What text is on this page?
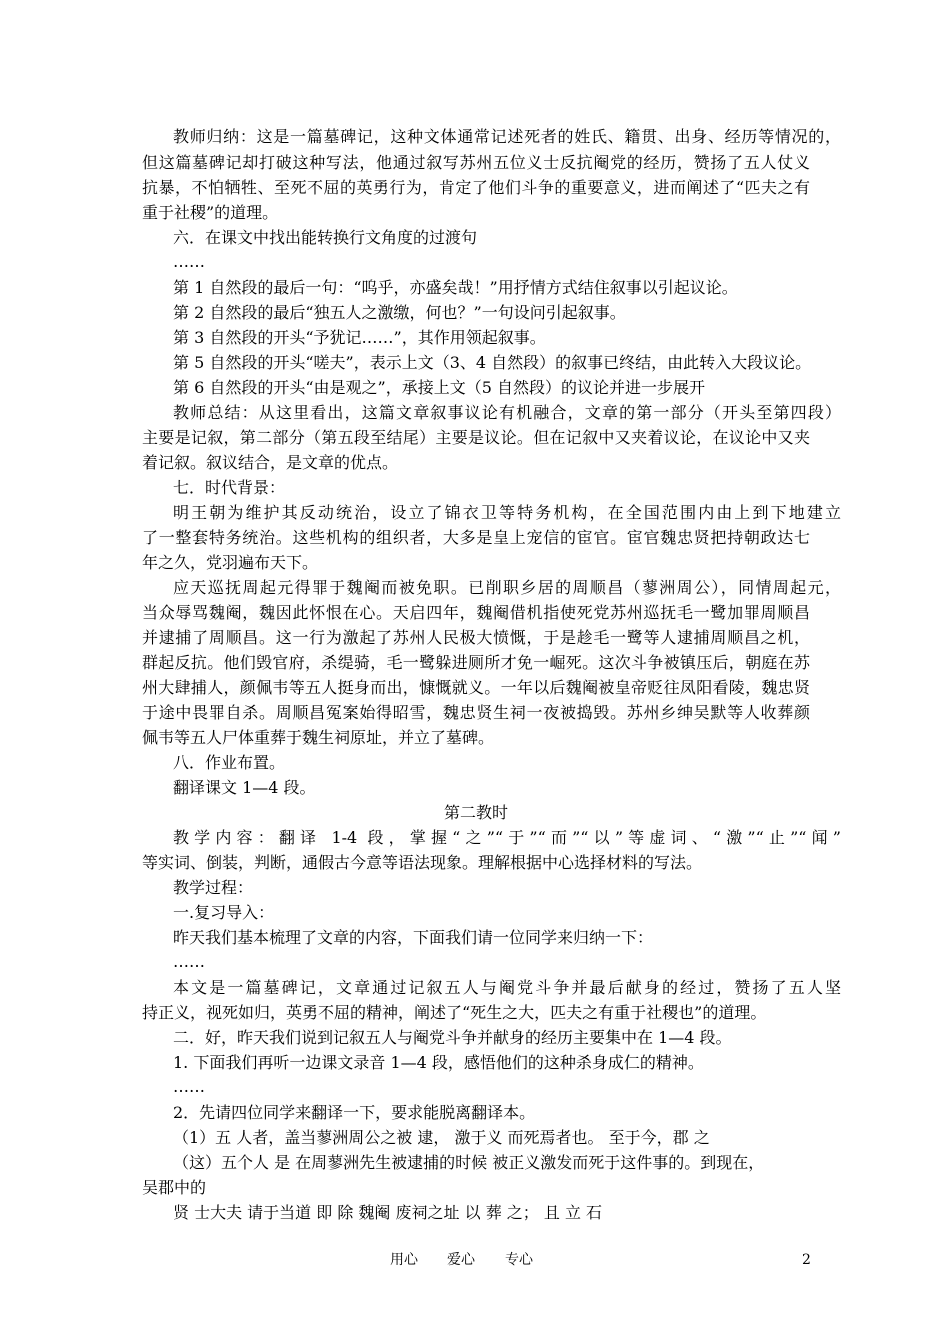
教师归纳：这是一篇墓碑记，这种文体通常记述死者的姓氏、籍贯、出身、经历等情况的，
但这篇墓碑记却打破这种写法，他通过叙写苏州五位义士反抗阉党的经历，赞扬了五人仗义
抗暴，不怕牺牲、至死不屈的英勇行为，肯定了他们斗争的重要意义，进而阐述了“匹夫之有
重于社稷”的道理。
六．在课文中找出能转换行文角度的过渡句
……
第 1 自然段的最后一句：“呜乎，亦盛矣哉！”用抒情方式结住叙事以引起议论。
第 2 自然段的最后“独五人之激缴，何也？”一句设问引起叙事。
第 3 自然段的开头“予犹记……”，其作用领起叙事。
第 5 自然段的开头“嗟夫”，表示上文（3、4 自然段）的叙事已终结，由此转入大段议论。
第 6 自然段的开头“由是观之”，承接上文（5 自然段）的议论并进一步展开
教师总结：从这里看出，这篇文章叙事议论有机融合，文章的第一部分（开头至第四段）
主要是记叙，第二部分（第五段至结尾）主要是议论。但在记叙中又夹着议论，在议论中又夹
着记叙。叙议结合，是文章的优点。
七．时代背景：
明王朝为维护其反动统治，设立了锦衣卫等特务机构，在全国范围内由上到下地建立
了一整套特务统治。这些机构的组织者，大多是皇上宠信的宦官。宦官魏忠贤把持朝政达七
年之久，党羽遍布天下。
应天巡抚周起元得罪于魏阉而被免职。已削职乡居的周顺昌（蓼洲周公），同情周起元，
当众辱骂魏阉，魏因此怀恨在心。天启四年，魏阉借机指使死党苏州巡抚毛一鹭加罪周顺昌
并逮捕了周顺昌。这一行为激起了苏州人民极大愤慨，于是趁毛一鹭等人逮捕周顺昌之机，
群起反抗。他们毁官府，杀缇骑，毛一鹭躲进厕所才免一崛死。这次斗争被镇压后，朝庭在苏
州大肆捕人，颜佩韦等五人挺身而出，慷慨就义。一年以后魏阉被皇帝贬往凤阳看陵，魏忠贤
于途中畏罪自杀。周顺昌冤案始得昭雪，魏忠贤生祠一夜被捣毁。苏州乡绅吴默等人收葬颜
佩韦等五人尸体重葬于魏生祠原址，并立了墓碑。
八．作业布置。
翻译课文 1—4 段。
第二教时
教学内容：翻译 1-4 段，掌握“之”“于”“而”“以”等虚词、“激”“止”“闻”
等实词、倒装，判断，通假古今意等语法现象。理解根据中心选择材料的写法。
教学过程：
一.复习导入：
昨天我们基本梳理了文章的内容，下面我们请一位同学来归纳一下：
……
本文是一篇墓碑记，文章通过记叙五人与阉党斗争并最后献身的经过，赞扬了五人坚
持正义，视死如归，英勇不屈的精神，阐述了“死生之大，匹夫之有重于社稷也”的道理。
二．好，昨天我们说到记叙五人与阉党斗争并献身的经历主要集中在 1—4 段。
1. 下面我们再听一边课文录音 1—4 段，感悟他们的这种杀身成仁的精神。
……
2．先请四位同学来翻译一下，要求能脱离翻译本。
（1）五 人者，盖当蓼洲周公之被 逮， 激于义 而死焉者也。 至于今，郡 之
（这）五个人 是 在周蓼洲先生被逮捕的时候 被正义激发而死于这件事的。到现在，
吴郡中的
贤 士大夫 请于当道 即 除 魏阉 废祠之址 以 葬 之； 且 立 石
用心 爱心 专心	2
